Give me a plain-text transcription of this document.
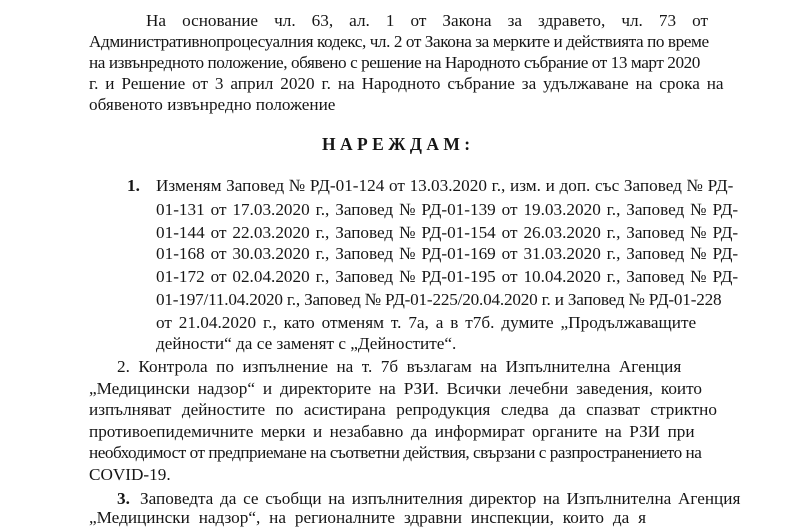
На основание чл. 63, ал. 1 от Закона за здравето, чл. 73 от

Административнопроцесуалния кодекс, чл. 2 от Закона за мерките и действията по време

на извънредното положение, обявено с решение на Народното събрание от 13 март 2020

г. и Решение от 3 април 2020 г. на Народното събрание за удължаване на срока на

обявеното извънредно положение

НАРЕЖДАМ:
1. Изменям Заповед № РД-01-124 от 13.03.2020 г., изм. и доп. със Заповед № РД-

01-131 от 17.03.2020 г., Заповед № РД-01-139 от 19.03.2020 г., Заповед № РД-

01-144 от 22.03.2020 г., Заповед № РД-01-154 от 26.03.2020 г., Заповед № РД-

01-168 от 30.03.2020 г., Заповед № РД-01-169 от 31.03.2020 г., Заповед № РД-

01-172 от 02.04.2020 г., Заповед № РД-01-195 от 10.04.2020 г., Заповед № РД-

01-197/11.04.2020 г., Заповед № РД-01-225/20.04.2020 г. и Заповед № РД-01-228

от 21.04.2020 г., като отменям т. 7а, а в т7б. думите „Продължаващите

дейности“ да се заменят с „Дейностите“.

2. Контрола по изпълнение на т. 7б възлагам на Изпълнителна Агенция

„Медицински надзор“ и директорите на РЗИ. Всички лечебни заведения, които

изпълняват дейностите по асистирана репродукция следва да спазват стриктно

противоепидемичните мерки и незабавно да информират органите на РЗИ при

необходимост от предприемане на съответни действия, свързани с разпространението на

COVID-19.

3. Заповедта да се съобщи на изпълнителния директор на Изпълнителна Агенция

„Медицински надзор“, на регионалните здравни инспекции, които да я
